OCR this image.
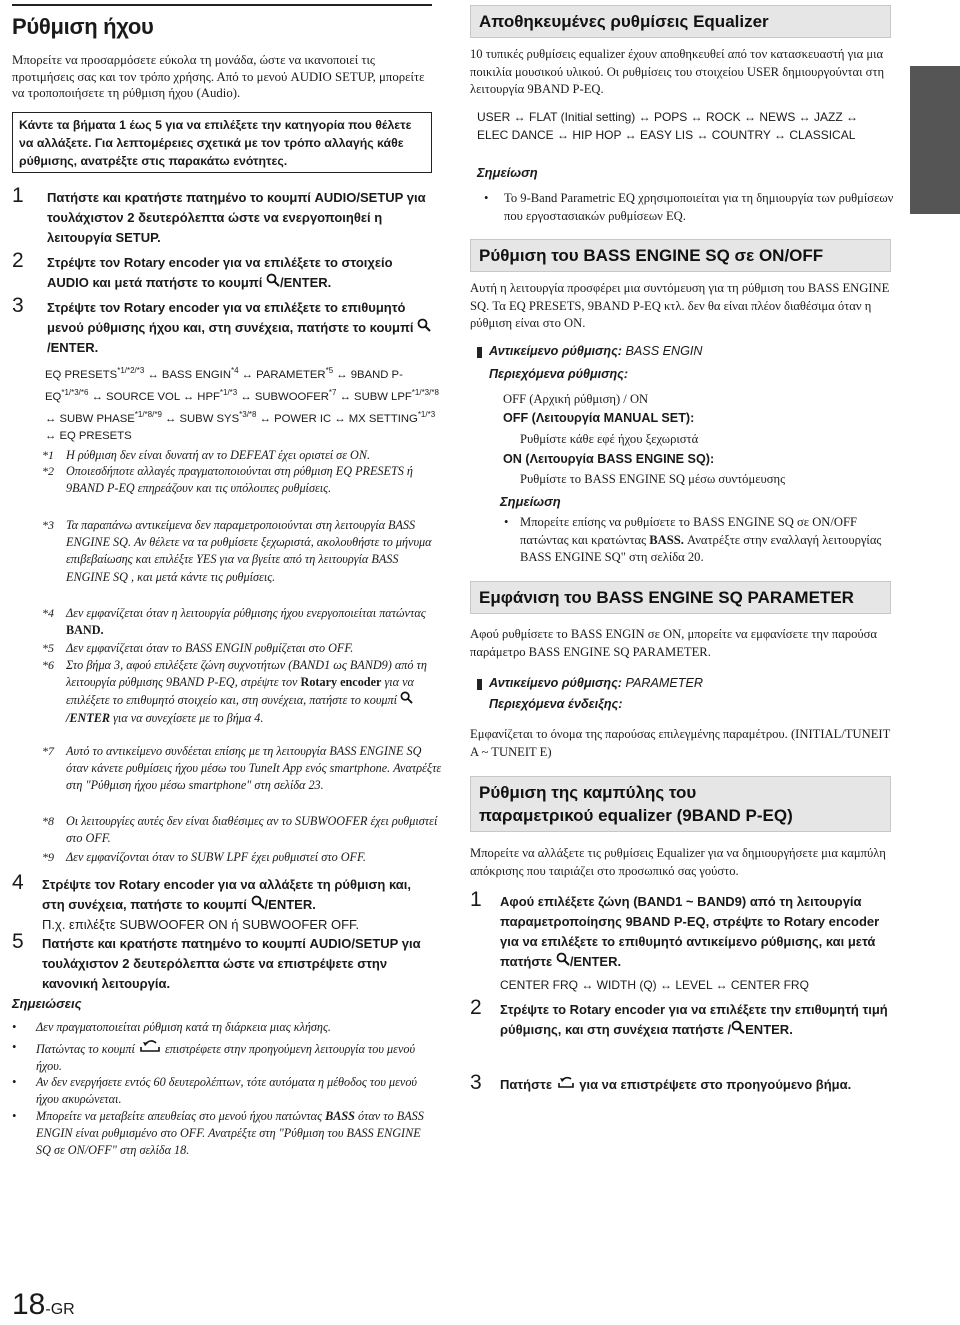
Ρύθμιση ήχου
Μπορείτε να προσαρμόσετε εύκολα τη μονάδα, ώστε να ικανοποιεί τις προτιμήσεις σας και τον τρόπο χρήσης. Από το μενού AUDIO SETUP, μπορείτε να τροποποιήσετε τη ρύθμιση ήχου (Audio).
Κάντε τα βήματα 1 έως 5 για να επιλέξετε την κατηγορία που θέλετε να αλλάξετε. Για λεπτομέρειες σχετικά με τον τρόπο αλλαγής κάθε ρύθμισης, ανατρέξτε στις παρακάτω ενότητες.
1 Πατήστε και κρατήστε πατημένο το κουμπί AUDIO/SETUP για τουλάχιστον 2 δευτερόλεπτα ώστε να ενεργοποιηθεί η λειτουργία SETUP.
2 Στρέψτε τον Rotary encoder για να επιλέξετε το στοιχείο AUDIO και μετά πατήστε το κουμπί /ENTER.
3 Στρέψτε τον Rotary encoder για να επιλέξετε το επιθυμητό μενού ρύθμισης ήχου και, στη συνέχεια, πατήστε το κουμπί /ENTER.
EQ $PRESETS^{*1/*2/*3}$ ↔ BASS ENGIN$^{*4}$ ↔ PARAMETER$^{*5}$ ↔ 9BAND $P-EQ^{*1/*3/*6}$ ↔ SOURCE VOL ↔ $HPF^{*1/*3}$ ↔ SUBWOOFER$^{*7}$ ↔ SUBW $LPF^{*1/*3/*8}$ ↔ SUBW $PHASE^{*1/*8/*9}$ ↔ SUBW $SYS^{*3/*8}$ ↔ POWER IC ↔ MX $SETTING^{*1/*3}$ ↔ EQ PRESETS
*1 Η ρύθμιση δεν είναι δυνατή αν το DEFEAT έχει οριστεί σε ON.
*2 Οποιεσδήποτε αλλαγές πραγματοποιούνται στη ρύθμιση EQ PRESETS ή 9BAND P-EQ επηρεάζουν και τις υπόλοιπες ρυθμίσεις.
*3 Τα παραπάνω αντικείμενα δεν παραμετροποιούνται στη λειτουργία BASS ENGINE SQ. Αν θέλετε να τα ρυθμίσετε ξεχωριστά, ακολουθήστε το μήνυμα επιβεβαίωσης και επιλέξτε YES για να βγείτε από τη λειτουργία BASS ENGINE SQ , και μετά κάντε τις ρυθμίσεις.
*4 Δεν εμφανίζεται όταν η λειτουργία ρύθμισης ήχου ενεργοποιείται πατώντας BAND.
*5 Δεν εμφανίζεται όταν το BASS ENGIN ρυθμίζεται στο OFF.
*6 Στο βήμα 3, αφού επιλέξετε ζώνη συχνοτήτων (BAND1 ως BAND9) από τη λειτουργία ρύθμισης 9BAND P-EQ, στρέψτε τον Rotary encoder για να επιλέξετε το επιθυμητό στοιχείο και, στη συνέχεια, πατήστε το κουμπί /ENTER για να συνεχίσετε με το βήμα 4.
*7 Αυτό το αντικείμενο συνδέεται επίσης με τη λειτουργία BASS ENGINE SQ όταν κάνετε ρυθμίσεις ήχου μέσω του TuneIt App ενός smartphone. Ανατρέξτε στη "Ρύθμιση ήχου μέσω smartphone" στη σελίδα 23.
*8 Οι λειτουργίες αυτές δεν είναι διαθέσιμες αν το SUBWOOFER έχει ρυθμιστεί στο OFF.
*9 Δεν εμφανίζονται όταν το SUBW LPF έχει ρυθμιστεί στο OFF.
4 Στρέψτε τον Rotary encoder για να αλλάξετε τη ρύθμιση και, στη συνέχεια, πατήστε το κουμπί /ENTER.
Π.χ. επιλέξτε SUBWOOFER ON ή SUBWOOFER OFF.
5 Πατήστε και κρατήστε πατημένο το κουμπί AUDIO/SETUP για τουλάχιστον 2 δευτερόλεπτα ώστε να επιστρέψετε στην κανονική λειτουργία.
Σημειώσεις
• Δεν πραγματοποιείται ρύθμιση κατά τη διάρκεια μιας κλήσης.
• Πατώντας το κουμπί  επιστρέφετε στην προηγούμενη λειτουργία του μενού ήχου.
• Αν δεν ενεργήσετε εντός 60 δευτερολέπτων, τότε αυτόματα η μέθοδος του μενού ήχου ακυρώνεται.
• Μπορείτε να μεταβείτε απευθείας στο μενού ήχου πατώντας BASS όταν το BASS ENGIN είναι ρυθμισμένο στο OFF. Ανατρέξτε στη "Ρύθμιση του BASS ENGINE SQ σε ON/OFF" στη σελίδα 18.
18-GR
Αποθηκευμένες ρυθμίσεις Equalizer
10 τυπικές ρυθμίσεις equalizer έχουν αποθηκευθεί από τον κατασκευαστή για μια ποικιλία μουσικού υλικού. Οι ρυθμίσεις του στοιχείου USER δημιουργούνται στη λειτουργία 9BAND P-EQ.
USER ↔ FLAT (Initial setting) ↔ POPS ↔ ROCK ↔ NEWS ↔ JAZZ ↔ ELEC DANCE ↔ HIP HOP ↔ EASY LIS ↔ COUNTRY ↔ CLASSICAL
Σημείωση
• Το 9-Band Parametric EQ χρησιμοποιείται για τη δημιουργία των ρυθμίσεων που εργοστασιακών ρυθμίσεων EQ.
Ρύθμιση του BASS ENGINE SQ σε ON/OFF
Αυτή η λειτουργία προσφέρει μια συντόμευση για τη ρύθμιση του BASS ENGINE SQ. Τα EQ PRESETS, 9BAND P-EQ κτλ. δεν θα είναι πλέον διαθέσιμα όταν η ρύθμιση είναι στο ON.
Αντικείμενο ρύθμισης: BASS ENGIN
Περιεχόμενα ρύθμισης:
OFF (Αρχική ρύθμιση) / ON
OFF (Λειτουργία MANUAL SET):
Ρυθμίστε κάθε εφέ ήχου ξεχωριστά
ON (Λειτουργία BASS ENGINE SQ):
Ρυθμίστε το BASS ENGINE SQ μέσω συντόμευσης
Σημείωση
• Μπορείτε επίσης να ρυθμίσετε το BASS ENGINE SQ σε ON/OFF πατώντας και κρατώντας BASS. Ανατρέξτε στην εναλλαγή λειτουργίας BASS ENGINE SQ" στη σελίδα 20.
Εμφάνιση του BASS ENGINE SQ PARAMETER
Αφού ρυθμίσετε το BASS ENGIN σε ON, μπορείτε να εμφανίσετε την παρούσα παράμετρο BASS ENGINE SQ PARAMETER.
Αντικείμενο ρύθμισης: PARAMETER
Περιεχόμενα ένδειξης:
Εμφανίζεται το όνομα της παρούσας επιλεγμένης παραμέτρου. (INITIAL/TUNEIT A ~ TUNEIT E)
Ρύθμιση της καμπύλης του
παραμετρικού equalizer (9BAND P-EQ)
Μπορείτε να αλλάξετε τις ρυθμίσεις Equalizer για να δημιουργήσετε μια καμπύλη απόκρισης που ταιριάζει στο προσωπικό σας γούστο.
1 Αφού επιλέξετε ζώνη (BAND1 ~ BAND9) από τη λειτουργία παραμετροποίησης 9BAND P-EQ, στρέψτε το Rotary encoder για να επιλέξετε το επιθυμητό αντικείμενο ρύθμισης, και μετά πατήστε /ENTER.
CENTER FRQ ↔ WIDTH (Q) ↔ LEVEL ↔ CENTER FRQ
2 Στρέψτε το Rotary encoder για να επιλέξετε την επιθυμητή τιμή ρύθμισης, και στη συνέχεια πατήστε / ENTER.
3 Πατήστε  για να επιστρέψετε στο προηγούμενο βήμα.
